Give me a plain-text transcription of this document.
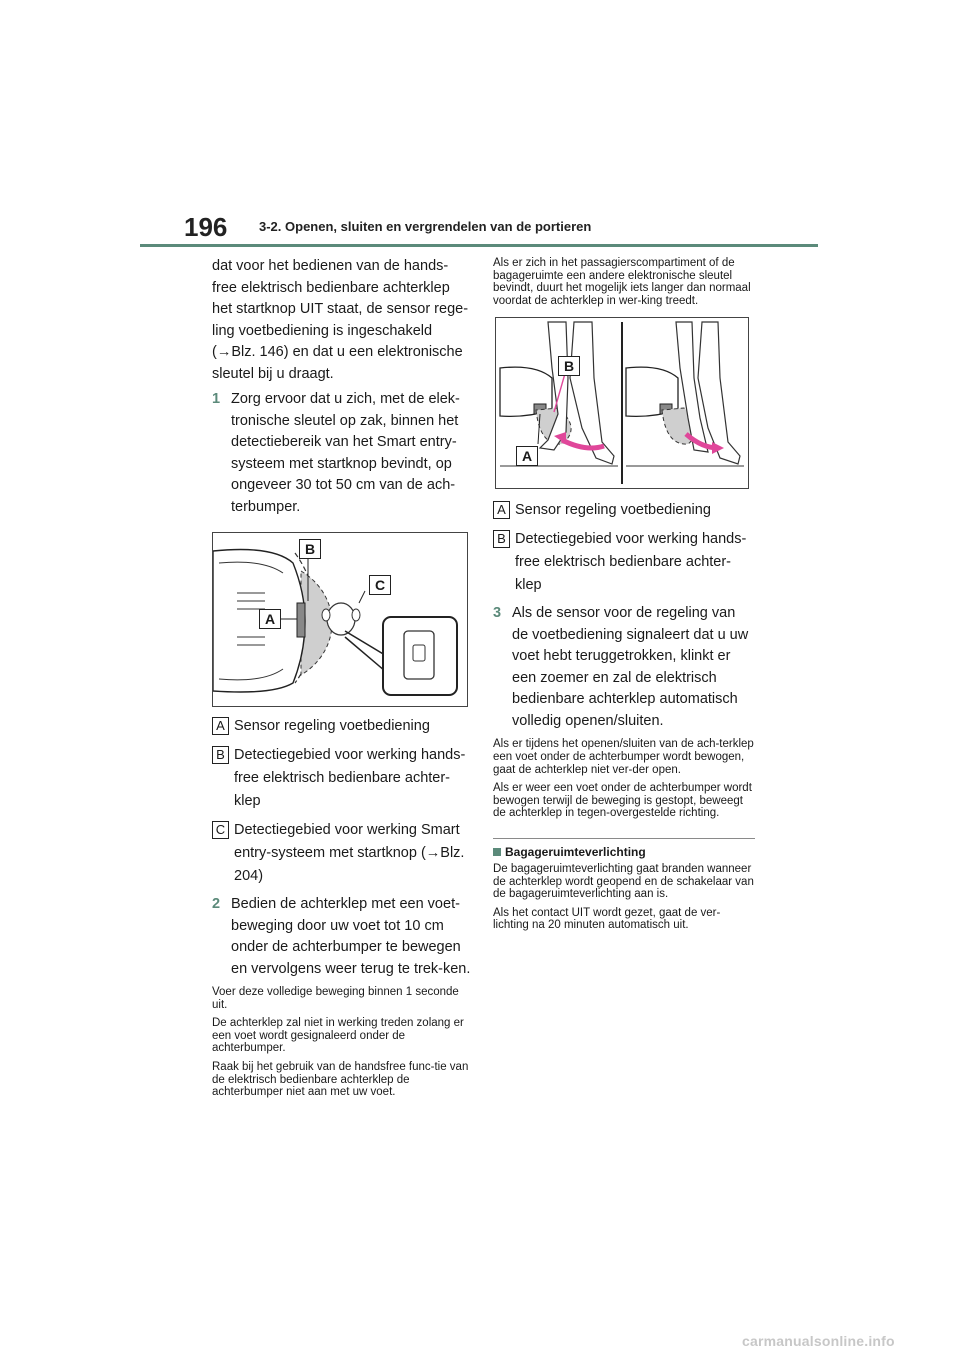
196 3-2. Openen, sluiten en vergrendelen van de portieren

dat voor het bedienen van de hands-free elektrisch bedienbare achterklep het startknop UIT staat, de sensor rege-ling voetbediening is ingeschakeld (→Blz. 146) en dat u een elektronische sleutel bij u draagt.

1 Zorg ervoor dat u zich, met de elek-tronische sleutel op zak, binnen het detectiebereik van het Smart entry-systeem met startknop bevindt, op ongeveer 30 tot 50 cm van de ach-terbumper.
B
C
A
A Sensor regeling voetbediening
B Detectiegebied voor werking hands-free elektrisch bedienbare achter-klep
C Detectiegebied voor werking Smart entry-systeem met startknop (→Blz. 204)
2 Bedien de achterklep met een voet-beweging door uw voet tot 10 cm onder de achterbumper te bewegen en vervolgens weer terug te trek-ken.

Voer deze volledige beweging binnen 1 seconde uit.

De achterklep zal niet in werking treden zolang er een voet wordt gesignaleerd onder de achterbumper.

Raak bij het gebruik van de handsfree func-tie van de elektrisch bedienbare achterklep de achterbumper niet aan met uw voet.

Als er zich in het passagierscompartiment of de bagageruimte een andere elektronische sleutel bevindt, duurt het mogelijk iets langer dan normaal voordat de achterklep in wer-king treedt.

B
A
A Sensor regeling voetbediening
B Detectiegebied voor werking hands-free elektrisch bedienbare achter-klep
3 Als de sensor voor de regeling van de voetbediening signaleert dat u uw voet hebt teruggetrokken, klinkt er een zoemer en zal de elektrisch bedienbare achterklep automatisch volledig openen/sluiten.

Als er tijdens het openen/sluiten van de ach-terklep een voet onder de achterbumper wordt bewogen, gaat de achterklep niet ver-der open.

Als er weer een voet onder de achterbumper wordt bewogen terwijl de beweging is gestopt, beweegt de achterklep in tegen-overgestelde richting.

Bagageruimteverlichting

De bagageruimteverlichting gaat branden wanneer de achterklep wordt geopend en de schakelaar van de bagageruimteverlichting aan is.

Als het contact UIT wordt gezet, gaat de ver-lichting na 20 minuten automatisch uit.

carmanualsonline.info
